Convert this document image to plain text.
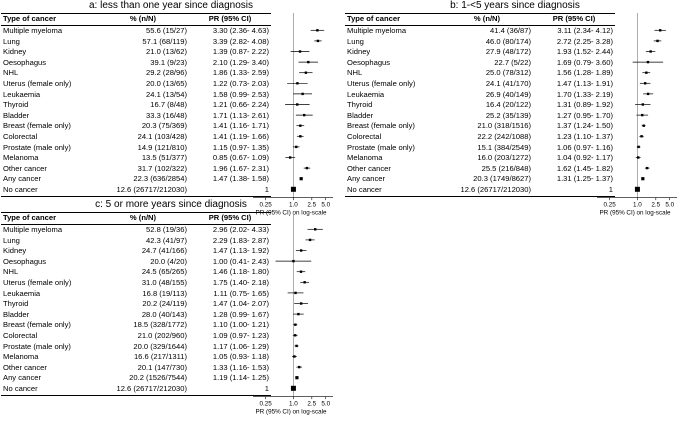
a: less than one year since diagnosis
Type of cancer	% (n/N)	PR (95% CI)
Multiple myeloma	55.6 (15/27)	3.30 (2.36- 4.63)
Lung	57.1 (68/119)	3.39 (2.82- 4.08)
Kidney	21.0 (13/62)	1.39 (0.87- 2.22)
Oesophagus	39.1 (9/23)	2.10 (1.29- 3.40)
NHL	29.2 (28/96)	1.86 (1.33- 2.59)
Uterus (female only)	20.0 (13/65)	1.22 (0.73- 2.03)
Leukaemia	24.1 (13/54)	1.58 (0.99- 2.53)
Thyroid	16.7 (8/48)	1.21 (0.66- 2.24)
Bladder	33.3 (16/48)	1.71 (1.13- 2.61)
Breast (female only)	20.3 (75/369)	1.41 (1.16- 1.71)
Colorectal	24.1 (103/428)	1.41 (1.19- 1.66)
Prostate (male only)	14.9 (121/810)	1.15 (0.97- 1.35)
Melanoma	13.5 (51/377)	0.85 (0.67- 1.09)
Other cancer	31.7 (102/322)	1.96 (1.67- 2.31)
Any cancer	22.3 (636/2854)	1.47 (1.38- 1.58)
No cancer	12.6 (26717/212030)	1
0.25	1.0 2.5 5.0
PR (95% CI) on log-scale
b: 1-<5 years since diagnosis
Type of cancer	% (n/N)	PR (95% CI)
Multiple myeloma	41.4 (36/87)	3.11 (2.34- 4.12)
Lung	46.0 (80/174)	2.72 (2.25- 3.28)
Kidney	27.9 (48/172)	1.93 (1.52- 2.44)
Oesophagus	22.7 (5/22)	1.69 (0.79- 3.60)
NHL	25.0 (78/312)	1.56 (1.28- 1.89)
Uterus (female only)	24.1 (41/170)	1.47 (1.13- 1.91)
Leukaemia	26.9 (40/149)	1.70 (1.33- 2.19)
Thyroid	16.4 (20/122)	1.31 (0.89- 1.92)
Bladder	25.2 (35/139)	1.27 (0.95- 1.70)
Breast (female only)	21.0 (318/1516)	1.37 (1.24- 1.50)
Colorectal	22.2 (242/1088)	1.23 (1.10- 1.37)
Prostate (male only)	15.1 (384/2549)	1.06 (0.97- 1.16)
Melanoma	16.0 (203/1272)	1.04 (0.92- 1.17)
Other cancer	25.5 (216/848)	1.62 (1.45- 1.82)
Any cancer	20.3 (1749/8627)	1.31 (1.25- 1.37)
No cancer	12.6 (26717/212030)	1
0.25	1.0 2.5 5.0
PR (95% CI) on log-scale
c: 5 or more years since diagnosis
Type of cancer	% (n/N)	PR (95% CI)
Multiple myeloma	52.8 (19/36)	2.96 (2.02- 4.33)
Lung	42.3 (41/97)	2.29 (1.83- 2.87)
Kidney	24.7 (41/166)	1.47 (1.13- 1.92)
Oesophagus	20.0 (4/20)	1.00 (0.41- 2.43)
NHL	24.5 (65/265)	1.46 (1.18- 1.80)
Uterus (female only)	31.0 (48/155)	1.75 (1.40- 2.18)
Leukaemia	16.8 (19/113)	1.11 (0.75- 1.65)
Thyroid	20.2 (24/119)	1.47 (1.04- 2.07)
Bladder	28.0 (40/143)	1.28 (0.99- 1.67)
Breast (female only)	18.5 (328/1772)	1.10 (1.00- 1.21)
Colorectal	21.0 (202/960)	1.09 (0.97- 1.23)
Prostate (male only)	20.0 (329/1644)	1.17 (1.06- 1.29)
Melanoma	16.6 (217/1311)	1.05 (0.93- 1.18)
Other cancer	20.1 (147/730)	1.33 (1.16- 1.53)
Any cancer	20.2 (1526/7544)	1.19 (1.14- 1.25)
No cancer	12.6 (26717/212030)	1
0.25	1.0 2.5 5.0
PR (95% CI) on log-scale
